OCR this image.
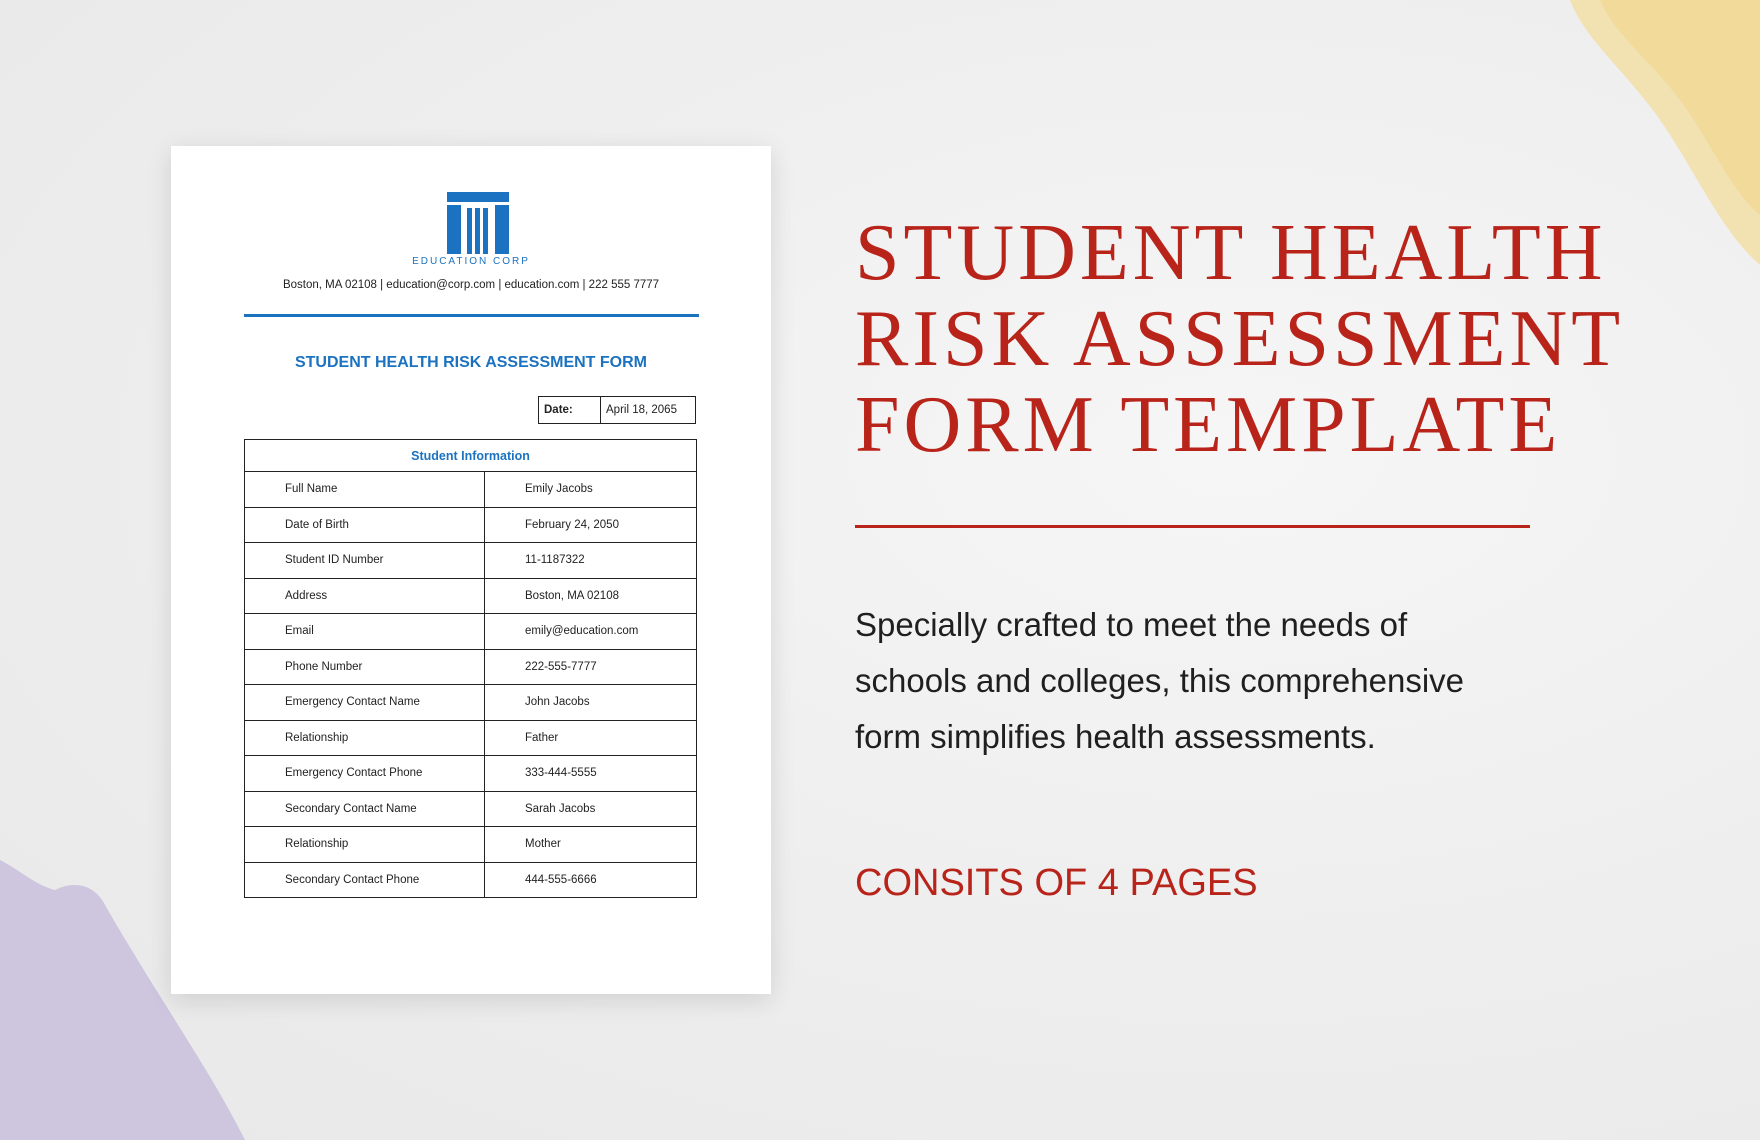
EDUCATION CORP
Boston, MA 02108 | education@corp.com | education.com | 222 555 7777
STUDENT HEALTH RISK ASSESSMENT FORM
Date:	April 18, 2065
Student Information	
Full Name	Emily Jacobs
Date of Birth	February 24, 2050
Student ID Number	11-1187322
Address	Boston, MA 02108
Email	emily@education.com
Phone Number	222-555-7777
Emergency Contact Name	John Jacobs
Relationship	Father
Emergency Contact Phone	333-444-5555
Secondary Contact Name	Sarah Jacobs
Relationship	Mother
Secondary Contact Phone	444-555-6666
STUDENT HEALTH
RISK ASSESSMENT
FORM TEMPLATE
Specially crafted to meet the needs of
schools and colleges, this comprehensive
form simplifies health assessments.
CONSITS OF 4 PAGES
